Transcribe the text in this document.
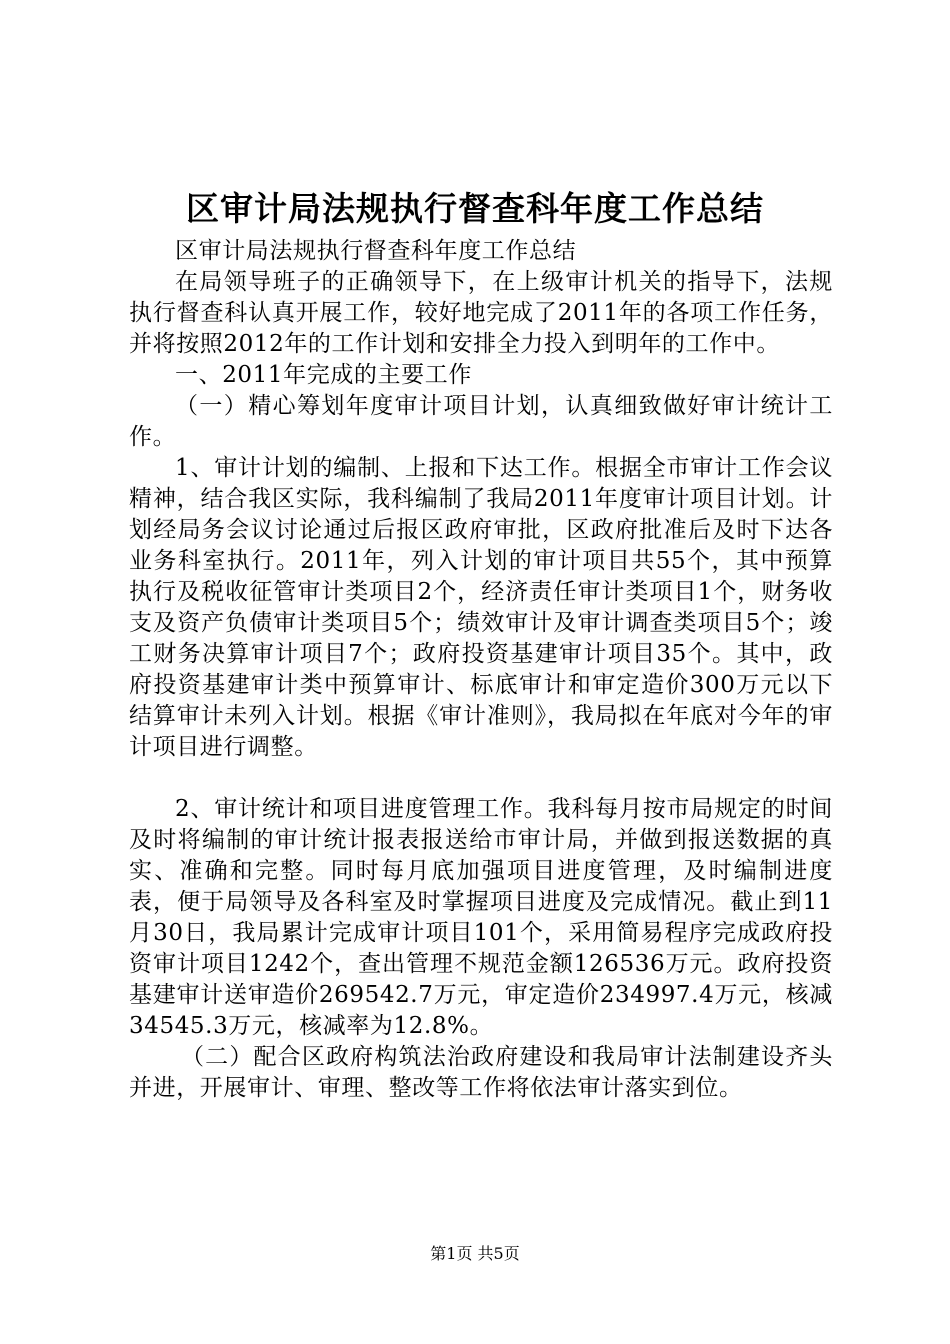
区审计局法规执行督查科年度工作总结

区审计局法规执行督查科年度工作总结

在局领导班子的正确领导下，在上级审计机关的指导下，法规执行督查科认真开展工作，较好地完成了2011年的各项工作任务，并将按照2012年的工作计划和安排全力投入到明年的工作中。

一、2011年完成的主要工作

（一）精心筹划年度审计项目计划，认真细致做好审计统计工作。

1、审计计划的编制、上报和下达工作。根据全市审计工作会议精神，结合我区实际，我科编制了我局2011年度审计项目计划。计划经局务会议讨论通过后报区政府审批，区政府批准后及时下达各业务科室执行。2011年，列入计划的审计项目共55个，其中预算执行及税收征管审计类项目2个，经济责任审计类项目1个，财务收支及资产负债审计类项目5个；绩效审计及审计调查类项目5个；竣工财务决算审计项目7个；政府投资基建审计项目35个。其中，政府投资基建审计类中预算审计、标底审计和审定造价300万元以下结算审计未列入计划。根据《审计准则》，我局拟在年底对今年的审计项目进行调整。

2、审计统计和项目进度管理工作。我科每月按市局规定的时间及时将编制的审计统计报表报送给市审计局，并做到报送数据的真实、准确和完整。同时每月底加强项目进度管理，及时编制进度表，便于局领导及各科室及时掌握项目进度及完成情况。截止到11月30日，我局累计完成审计项目101个，采用简易程序完成政府投资审计项目1242个，查出管理不规范金额126536万元。政府投资基建审计送审造价269542.7万元，审定造价234997.4万元，核减34545.3万元，核减率为12.8%。

（二）配合区政府构筑法治政府建设和我局审计法制建设齐头并进，开展审计、审理、整改等工作将依法审计落实到位。

第1页 共5页
